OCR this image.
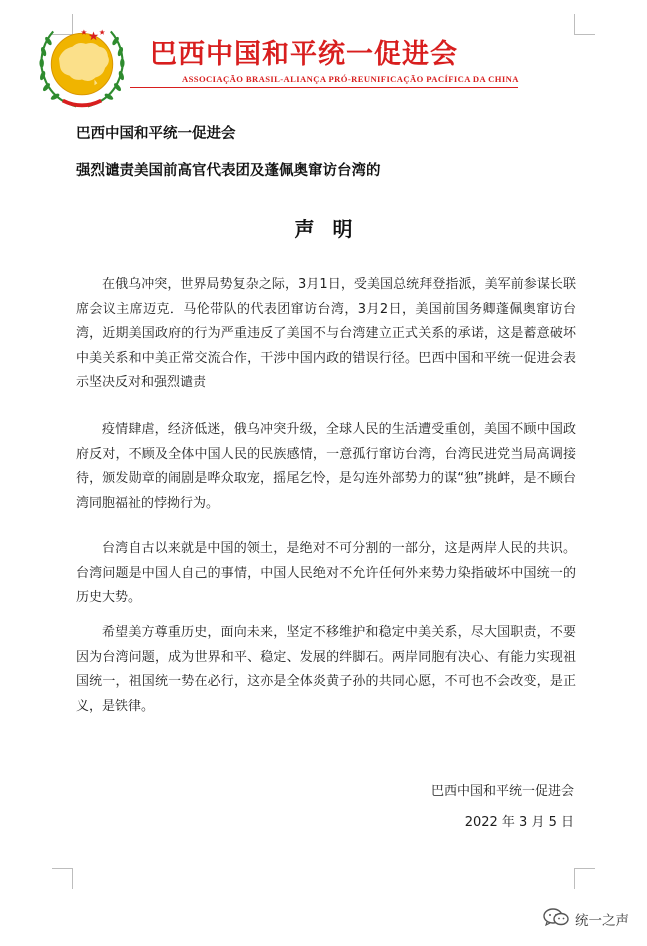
巴西中国和平统一促进会
ASSOCIAÇÃO BRASIL-ALIANÇA PRÓ-REUNIFICAÇÃO PACÍFICA DA CHINA
巴西中国和平统一促进会
强烈谴责美国前高官代表团及蓬佩奥窜访台湾的
声明

在俄乌冲突，世界局势复杂之际，3月1日，受美国总统拜登指派，美军前参谋长联席会议主席迈克．马伦带队的代表团窜访台湾，3月2日，美国前国务卿蓬佩奥窜访台湾，近期美国政府的行为严重违反了美国不与台湾建立正式关系的承诺，这是蓄意破坏中美关系和中美正常交流合作，干涉中国内政的错误行径。巴西中国和平统一促进会表示坚决反对和强烈谴责

疫情肆虐，经济低迷，俄乌冲突升级，全球人民的生活遭受重创，美国不顾中国政府反对，不顾及全体中国人民的民族感情，一意孤行窜访台湾，台湾民进党当局高调接待，颁发勋章的闹剧是哗众取宠，摇尾乞怜，是勾连外部势力的谋“独”挑衅，是不顾台湾同胞福祉的悖拗行为。

台湾自古以来就是中国的领土，是绝对不可分割的一部分，这是两岸人民的共识。台湾问题是中国人自己的事情，中国人民绝对不允许任何外来势力染指破坏中国统一的历史大势。

希望美方尊重历史，面向未来，坚定不移维护和稳定中美关系，尽大国职责，不要因为台湾问题，成为世界和平、稳定、发展的绊脚石。两岸同胞有决心、有能力实现祖国统一，祖国统一势在必行，这亦是全体炎黄子孙的共同心愿，不可也不会改变，是正义，是铁律。

巴西中国和平统一促进会
2022 年 3 月 5 日
统一之声
